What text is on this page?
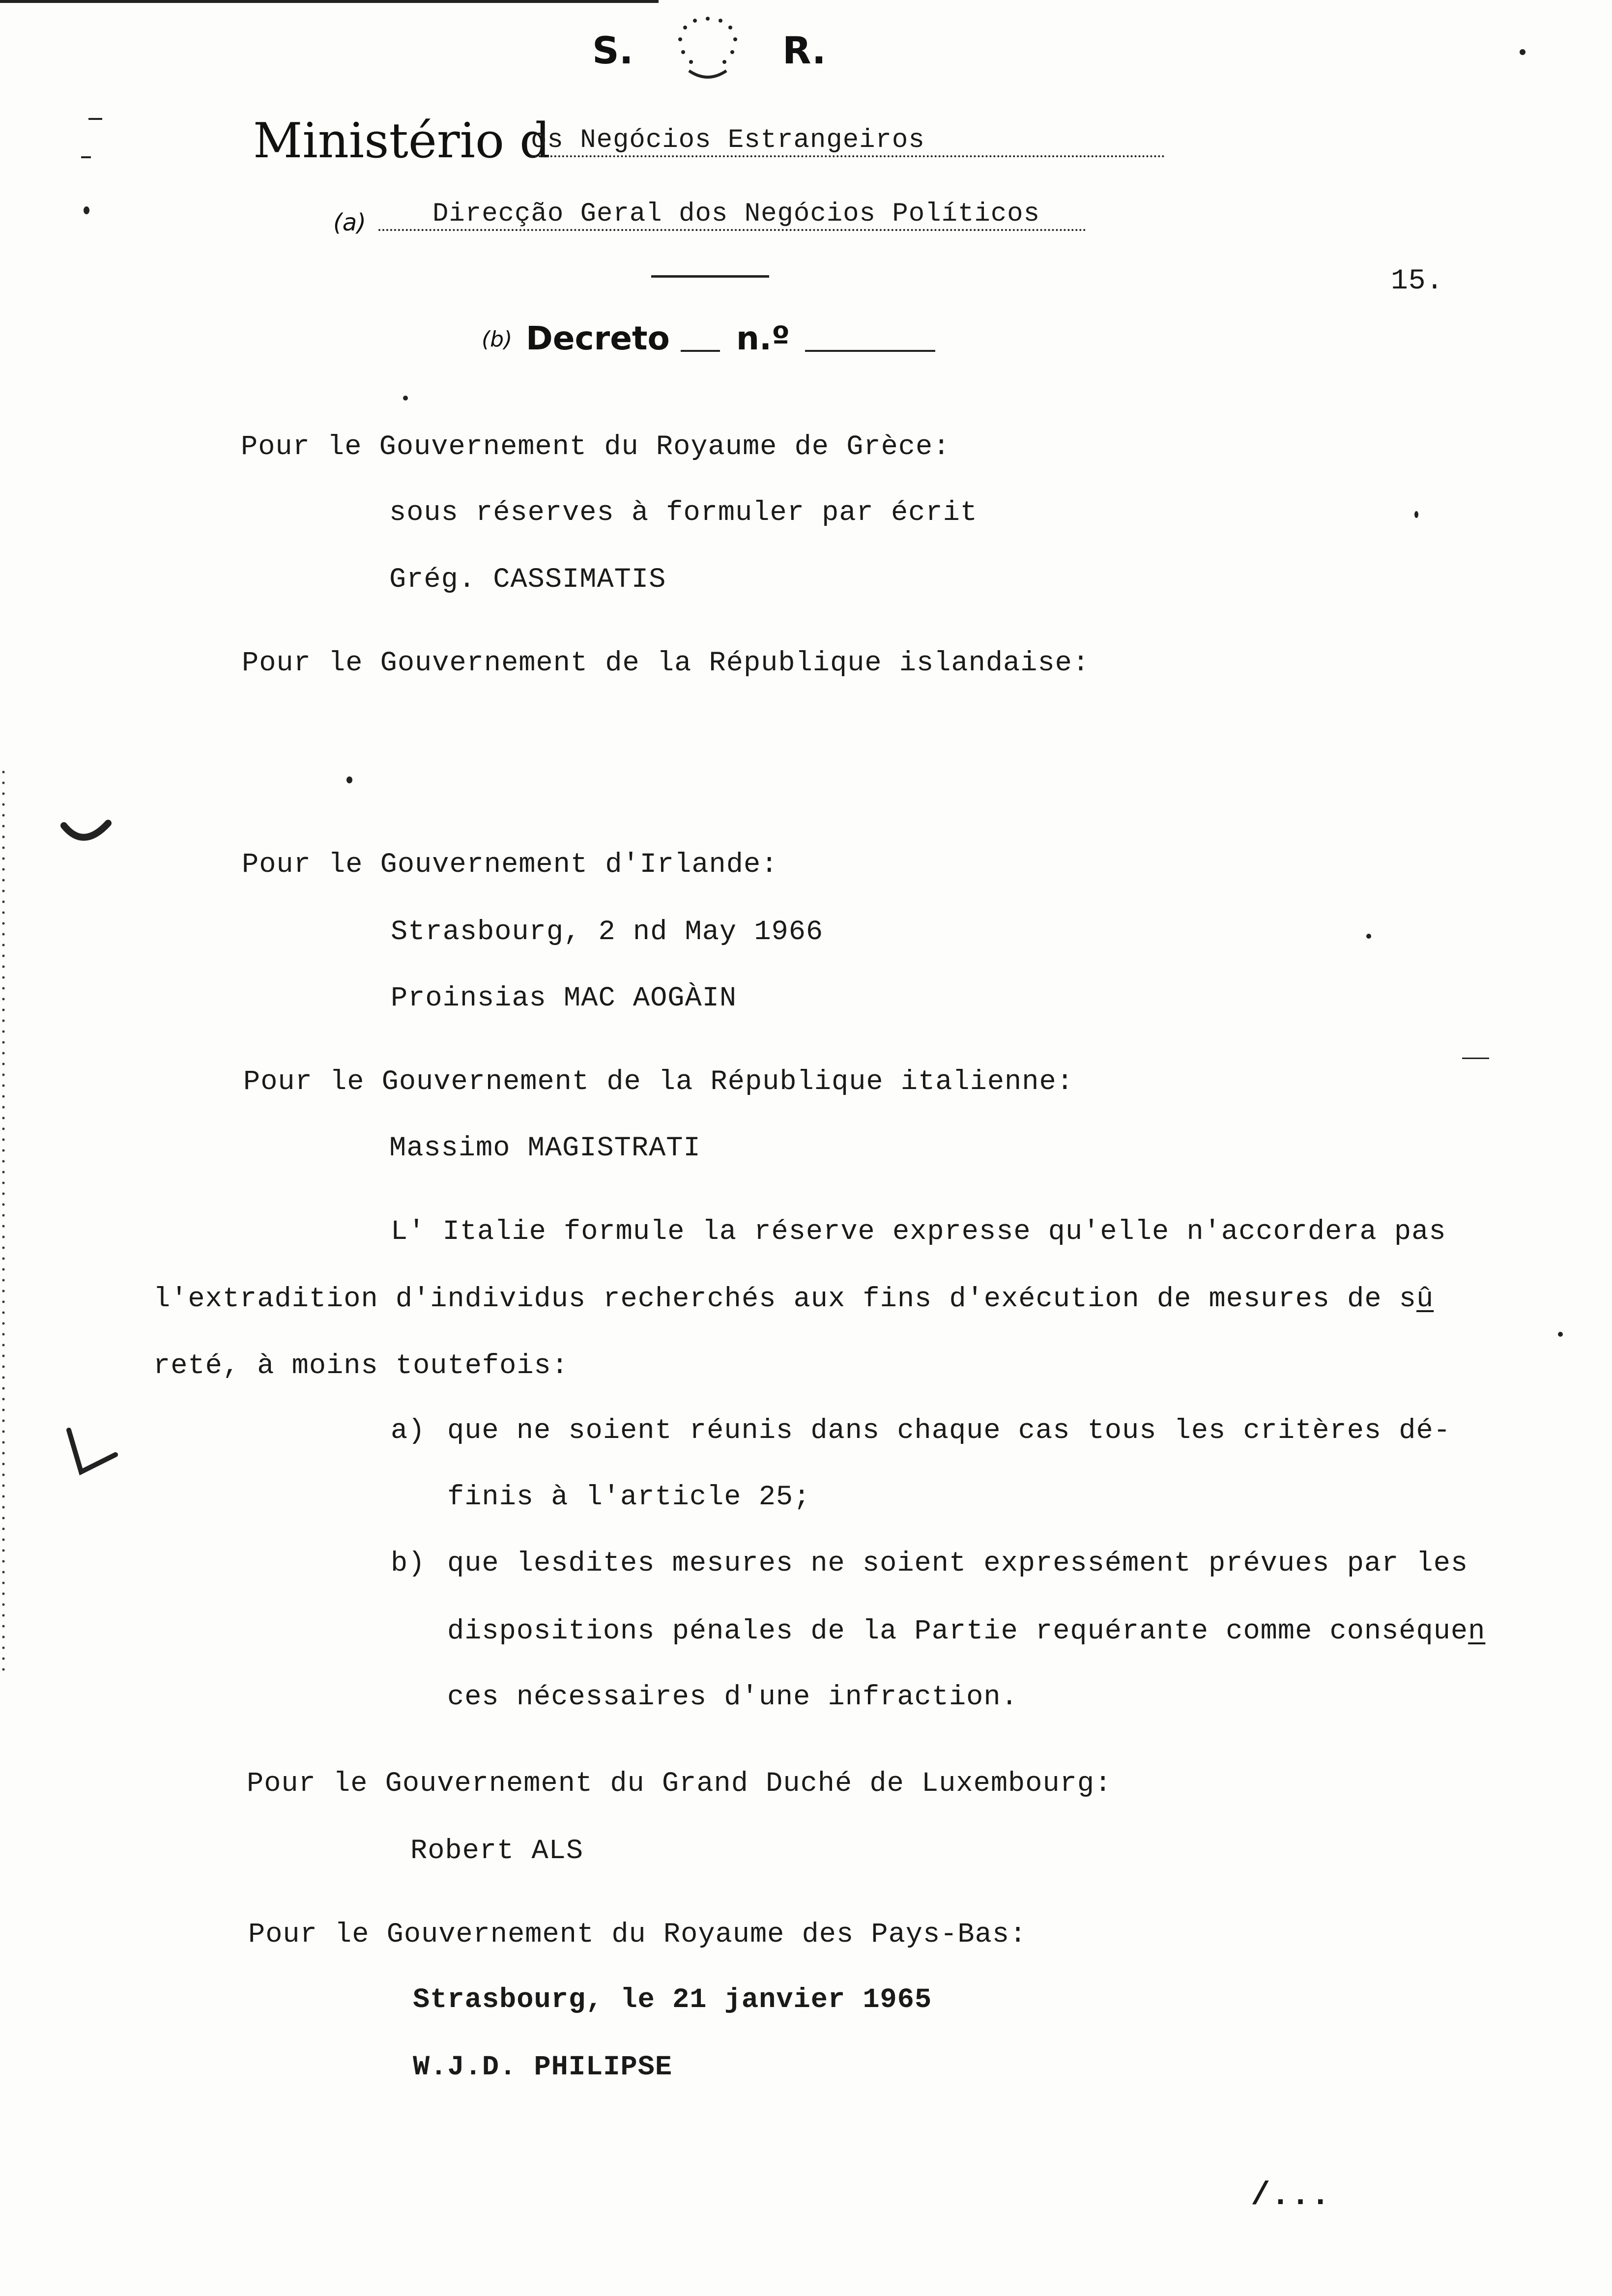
S.	R.
Ministério d
os Negócios Estrangeiros
(a)	Direcção Geral dos Negócios Políticos
15.
(b) Decreto n.º
Pour le Gouvernement du Royaume de Grèce:
sous réserves à formuler par écrit
Grég. CASSIMATIS
Pour le Gouvernement de la République islandaise:
Pour le Gouvernement d'Irlande:
Strasbourg, 2 nd May 1966
Proinsias MAC AOGÀIN
Pour le Gouvernement de la République italienne:
Massimo MAGISTRATI
L' Italie formule la réserve expresse qu'elle n'accordera pas
l'extradition d'individus recherchés aux fins d'exécution de mesures de sû
reté, à moins toutefois:
a) que ne soient réunis dans chaque cas tous les critères dé-
finis à l'article 25;
b) que lesdites mesures ne soient expressément prévues par les
dispositions pénales de la Partie requérante comme conséquen
ces nécessaires d'une infraction.
Pour le Gouvernement du Grand Duché de Luxembourg:
Robert ALS
Pour le Gouvernement du Royaume des Pays-Bas:
Strasbourg, le 21 janvier 1965
W.J.D. PHILIPSE
/...
